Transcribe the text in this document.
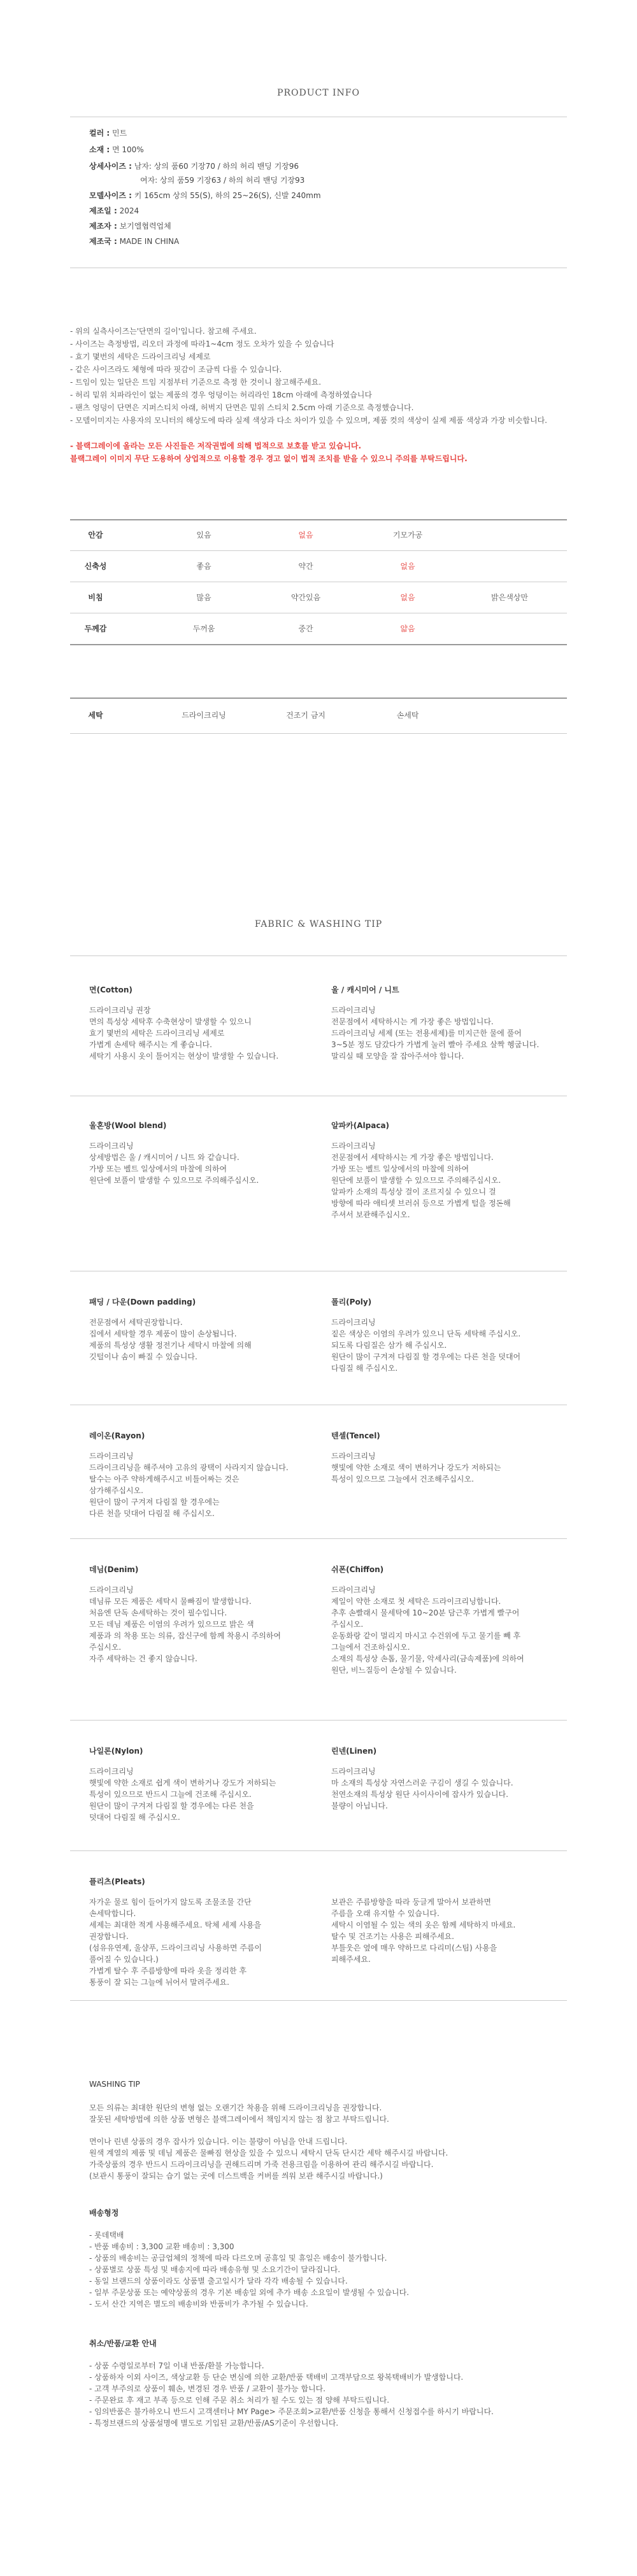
PRODUCT INFO
컬러 : 민트
소재 : 면 100%
상세사이즈 : 남자: 상의 품60 기장70 / 하의 허리 밴딩 기장96
여자: 상의 품59 기장63 / 하의 허리 밴딩 기장93
모델사이즈 : 키 165cm 상의 55(S), 하의 25~26(S), 신발 240mm
제조일 : 2024
제조자 : 보기엘협력업체
제조국 : MADE IN CHINA
- 위의 실측사이즈는'단면의 길이'입니다. 참고해 주세요.
- 사이즈는 측정방법, 리오더 과정에 따라1~4cm 정도 오차가 있을 수 있습니다
- 효기 몇번의 세탁은 드라이크리닝 세제로
- 같은 사이즈라도 체형에 따라 핏감이 조금씩 다를 수 있습니다.
- 트임이 있는 일단은 트임 지점부터 기준으로 측정 한 것이니 참고해주세요.
- 허리 밑위 치파라인이 없는 제품의 경우 엉덩이는 허리라인 18cm 아래에 측정하였습니다
- 팬츠 엉덩이 단면은 지퍼스티치 아래, 허벅지 단면은 밑위 스티치 2.5cm 아래 기준으로 측정했습니다.
- 모델이미지는 사용자의 모니터의 해상도에 따라 실제 색상과 다소 차이가 있을 수 있으며, 제품 컷의 색상이 실제 제품 색상과 가장 비슷합니다.
- 블랙그레이에 올라는 모든 사진들은 저작권법에 의해 법적으로 보호를 받고 있습니다.
블랙그레이 이미지 무단 도용하여 상업적으로 이용할 경우 경고 없이 법적 조치를 받을 수 있으니 주의를 부탁드립니다.
안감	있음	없음	기모가공
신축성	좋음	약간	없음
비침	많음	약간있음	없음	밝은색상만
두께감	두꺼움	중간	얇음
세탁	드라이크리닝	건조기 금지	손세탁
FABRIC & WASHING TIP
면(Cotton)
드라이크리닝 권장
면의 특성상 세탁후 수축현상이 발생할 수 있으니
효기 몇번의 세탁은 드라이크리닝 세제로
가볍게 손세탁 해주시는 게 좋습니다.
세탁기 사용시 옷이 틀어지는 현상이 발생할 수 있습니다.
울 / 캐시미어 / 니트
드라이크리닝
전문점에서 세탁하시는 게 가장 좋은 방법입니다.
드라이크리닝 세제 (또는 전용세제)를 미지근한 물에 풀어
3~5분 정도 담갔다가 가볍게 눌러 빨아 주세요 살짝 헹굽니다.
말리실 때 모양을 잘 잡아주셔야 합니다.
울혼방(Wool blend)
드라이크리닝
상세방법은 울 / 캐시미어 / 니트 와 같습니다.
가방 또는 벨트 일상에서의 마찰에 의하여
원단에 보풀이 발생할 수 있으므로 주의해주십시오.
알파카(Alpaca)
드라이크리닝
전문점에서 세탁하시는 게 가장 좋은 방법입니다.
가방 또는 벨트 일상에서의 마찰에 의하여
원단에 보풀이 발생할 수 있으므로 주의해주십시오.
알파카 소재의 특성상 걸이 조르지실 수 있으니 걸
방향에 따라 애티셋 브러쉬 등으로 가볍게 털을 정돈해
주셔서 보관해주십시오.
패딩 / 다운(Down padding)
전문점에서 세탁권장합니다.
집에서 세탁할 경우 제품이 많이 손상됩니다.
제품의 특성상 생활 정전기나 세탁시 마찰에 의해
깃털이나 솜이 빠질 수 있습니다.
폴리(Poly)
드라이크리닝
짙은 색상은 이염의 우려가 있으니 단독 세탁해 주십시오.
되도록 다림질은 삼가 해 주십시오.
원단이 많이 구겨져 다림질 할 경우에는 다른 천을 덧대어
다림질 해 주십시오.
레이온(Rayon)
드라이크리닝
드라이크리닝을 해주셔야 고유의 광택이 사라지지 않습니다.
탈수는 아주 약하게해주시고 비틀어짜는 것은
삼가해주십시오.
원단이 많이 구겨져 다림질 할 경우에는
다른 천을 덧대어 다림질 해 주십시오.
텐셀(Tencel)
드라이크리닝
햇빛에 약한 소재로 색이 변하거나 강도가 저하되는
특성이 있으므로 그늘에서 건조해주십시오.
데님(Denim)
드라이크리닝
데님류 모든 제품은 세탁시 물빠짐이 발생합니다.
처음엔 단독 손세탁하는 것이 필수입니다.
모든 데님 제품은 이염의 우려가 있으므로 밝은 색
제품과 의 착용 또는 의류, 잡신구에 함께 착용시 주의하여
주십시오.
자주 세탁하는 건 좋지 않습니다.
쉬폰(Chiffon)
드라이크리닝
제일이 약한 소재로 첫 세탁은 드라이크리닝합니다.
추후 손빨래시 물세탁에 10~20분 담근후 가볍게 빨구어
주십시오.
운동화랑 같이 멀리지 마시고 수건위에 두고 물기를 빼 후
그늘에서 건조하십시오.
소재의 특성상 손톱, 물기물, 악세사리(금속제품)에 의하여
원단, 비느질등이 손상될 수 있습니다.
나일론(Nylon)
드라이크리닝
햇빛에 약한 소재로 쉽게 색이 변하거나 강도가 저하되는
특성이 있으므로 반드시 그늘에 건조해 주십시오.
원단이 많이 구겨져 다림질 할 경우에는 다른 천을
덧대어 다림질 해 주십시오.
린넨(Linen)
드라이크리닝
마 소재의 특성상 자연스러운 구김이 생길 수 있습니다.
천연소재의 특성상 원단 사이사이에 잡사가 있습니다.
불량이 아닙니다.
플리츠(Pleats)
자가운 물로 힘이 들어가지 않도록 조물조물 간단
손세탁합니다.
세제는 최대한 적게 사용해주세요. 탁체 세제 사용을
권장합니다.
(섬유유연제, 울샴푸, 드라이크리닝 사용하면 주름이
풀어질 수 있습니다.)
가볍게 탈수 후 주름방향에 따라 옷을 정리한 후
통풍이 잘 되는 그늘에 뉘어서 말려주세요.
보관은 주름방향을 따라 둥글게 말아서 보관하면
주름을 오래 유지할 수 있습니다.
세탁시 이염될 수 있는 색의 옷은 함께 세탁하지 마세요.
탈수 및 건조기는 사용은 피해주세요.
부틀웃은 옆에 매우 약하므로 다리미(스팀) 사용을
피해주세요.
WASHING TIP
모든 의류는 최대한 원단의 변형 없는 오랜기간 착용을 위해 드라이크리닝을 권장합니다.
잘못된 세탁방법에 의한 상품 변형은 블랙그레이에서 책임지지 않는 점 참고 부탁드립니다.
면이나 린넨 상품의 경우 잡사가 있습니다. 이는 불량이 아님을 안내 드립니다.
원색 계열의 제품 및 데님 제품은 물빠짐 현상을 있을 수 있으니 세탁시 단독 단시간 세탁 해주시길 바랍니다.
가죽상품의 경우 반드시 드라이크리닝을 권해드리며 가죽 전용크림을 이용하여 관리 해주시길 바랍니다.
(보관시 통풍이 잘되는 습기 없는 곳에 더스트백을 커버를 씌워 보관 해주시길 바랍니다.)
배송형정
- 롯데택배
- 반품 배송비 : 3,300 교환 배송비 : 3,300
- 상품의 배송비는 공급업체의 정책에 따라 다르오며 공휴일 및 휴일은 배송이 불가합니다.
- 상품별로 상품 특성 및 배송지에 따라 배송유형 및 소요기간이 달라집니다.
- 동일 브랜드의 상품이라도 상품별 출고일시가 달라 각각 배송될 수 있습니다.
- 일부 주문상품 또는 예약상품의 경우 기본 배송일 외에 추가 배송 소요일이 발생될 수 있습니다.
- 도서 산간 지역은 별도의 배송비와 반품비가 추가될 수 있습니다.
취소/반품/교환 안내
- 상품 수령일로부터 7일 이내 반품/환불 가능합니다.
- 상품하자 이외 사이즈, 색상교환 등 단순 변심에 의한 교환/반품 택배비 고객부담으로 왕복택배비가 발생합니다.
- 고객 부주의로 상품이 훼손, 변경된 경우 반품 / 교환이 불가능 합니다.
- 주문완료 후 재고 부족 등으로 인해 주문 취소 처리가 될 수도 있는 점 양해 부탁드립니다.
- 임의반품은 불가하오니 반드시 고객센터나 MY Page> 주문조회>교환/반품 신청을 통해서 신청접수를 하시기 바랍니다.
- 특정브랜드의 상품설명에 별도로 기입된 교환/반품/AS기준이 우선합니다.
